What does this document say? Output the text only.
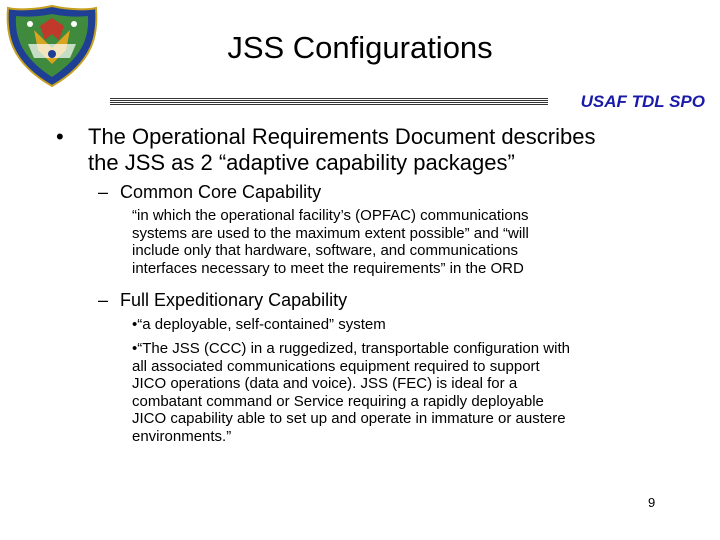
JSS Configurations
USAF TDL SPO
• The Operational Requirements Document describes
the JSS as 2 “adaptive capability packages”
– Common Core Capability
“in which the operational facility’s (OPFAC) communications
systems are used to the maximum extent possible” and “will
include only that hardware, software, and communications
interfaces necessary to meet the requirements” in the ORD
– Full Expeditionary Capability
•“a deployable, self-contained” system
•“The JSS (CCC) in a ruggedized, transportable configuration with
all associated communications equipment required to support
JICO operations (data and voice). JSS (FEC) is ideal for a
combatant command or Service requiring a rapidly deployable
JICO capability able to set up and operate in immature or austere
environments.”
9
